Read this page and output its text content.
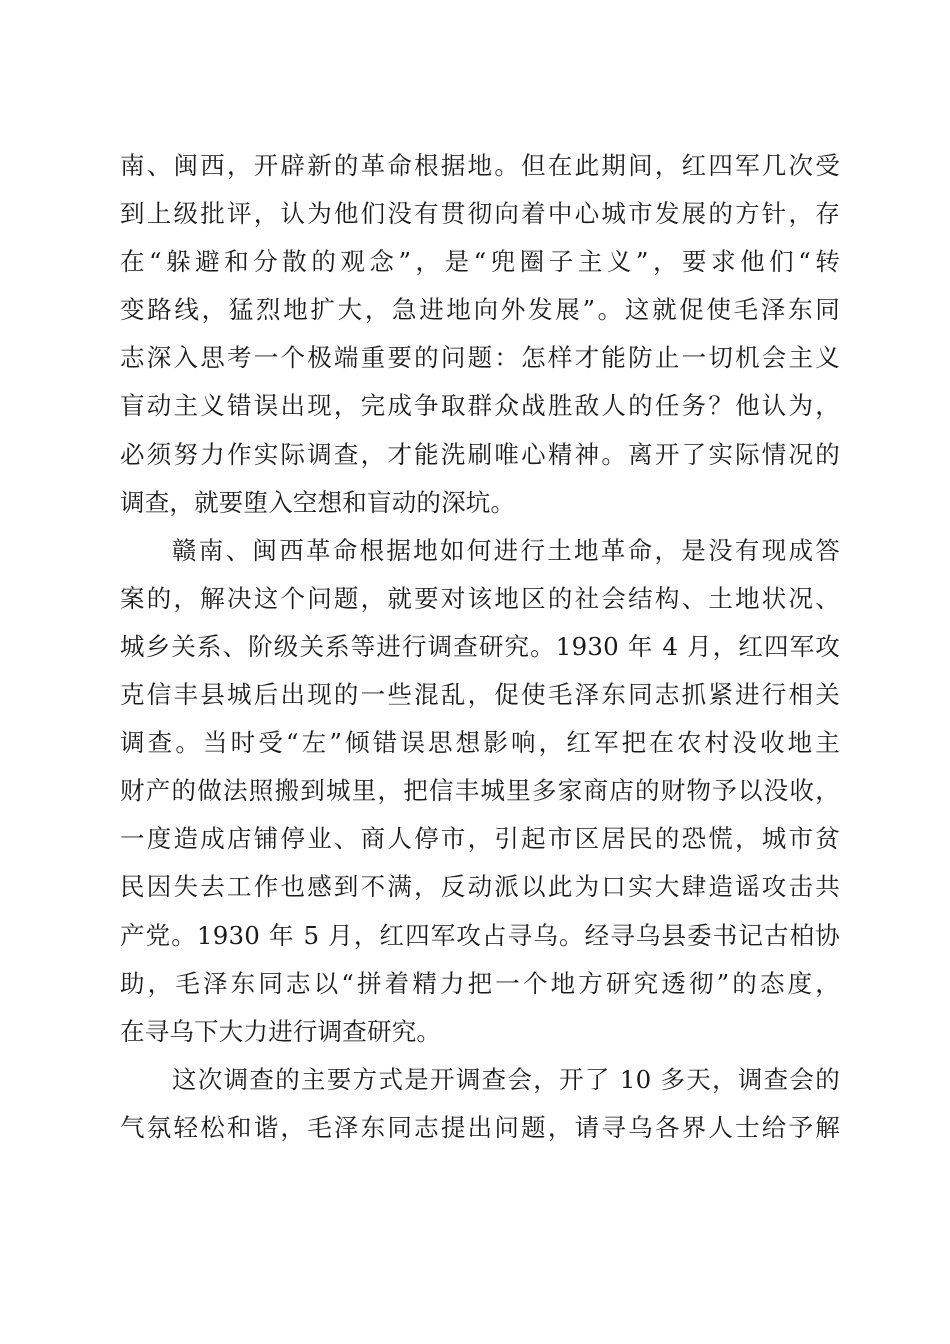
南、闽西，开辟新的革命根据地。但在此期间，红四军几次受
到上级批评，认为他们没有贯彻向着中心城市发展的方针，存
在“躲避和分散的观念”，是“兜圈子主义”，要求他们“转
变路线，猛烈地扩大，急进地向外发展”。这就促使毛泽东同
志深入思考一个极端重要的问题：怎样才能防止一切机会主义
盲动主义错误出现，完成争取群众战胜敌人的任务？他认为，
必须努力作实际调查，才能洗刷唯心精神。离开了实际情况的
调查，就要堕入空想和盲动的深坑。
赣南、闽西革命根据地如何进行土地革命，是没有现成答
案的，解决这个问题，就要对该地区的社会结构、土地状况、
城乡关系、阶级关系等进行调查研究。1930 年 4 月，红四军攻
克信丰县城后出现的一些混乱，促使毛泽东同志抓紧进行相关
调查。当时受“左”倾错误思想影响，红军把在农村没收地主
财产的做法照搬到城里，把信丰城里多家商店的财物予以没收，
一度造成店铺停业、商人停市，引起市区居民的恐慌，城市贫
民因失去工作也感到不满，反动派以此为口实大肆造谣攻击共
产党。1930 年 5 月，红四军攻占寻乌。经寻乌县委书记古柏协
助，毛泽东同志以“拼着精力把一个地方研究透彻”的态度，
在寻乌下大力进行调查研究。
这次调查的主要方式是开调查会，开了 10 多天，调查会的
气氛轻松和谐，毛泽东同志提出问题，请寻乌各界人士给予解
